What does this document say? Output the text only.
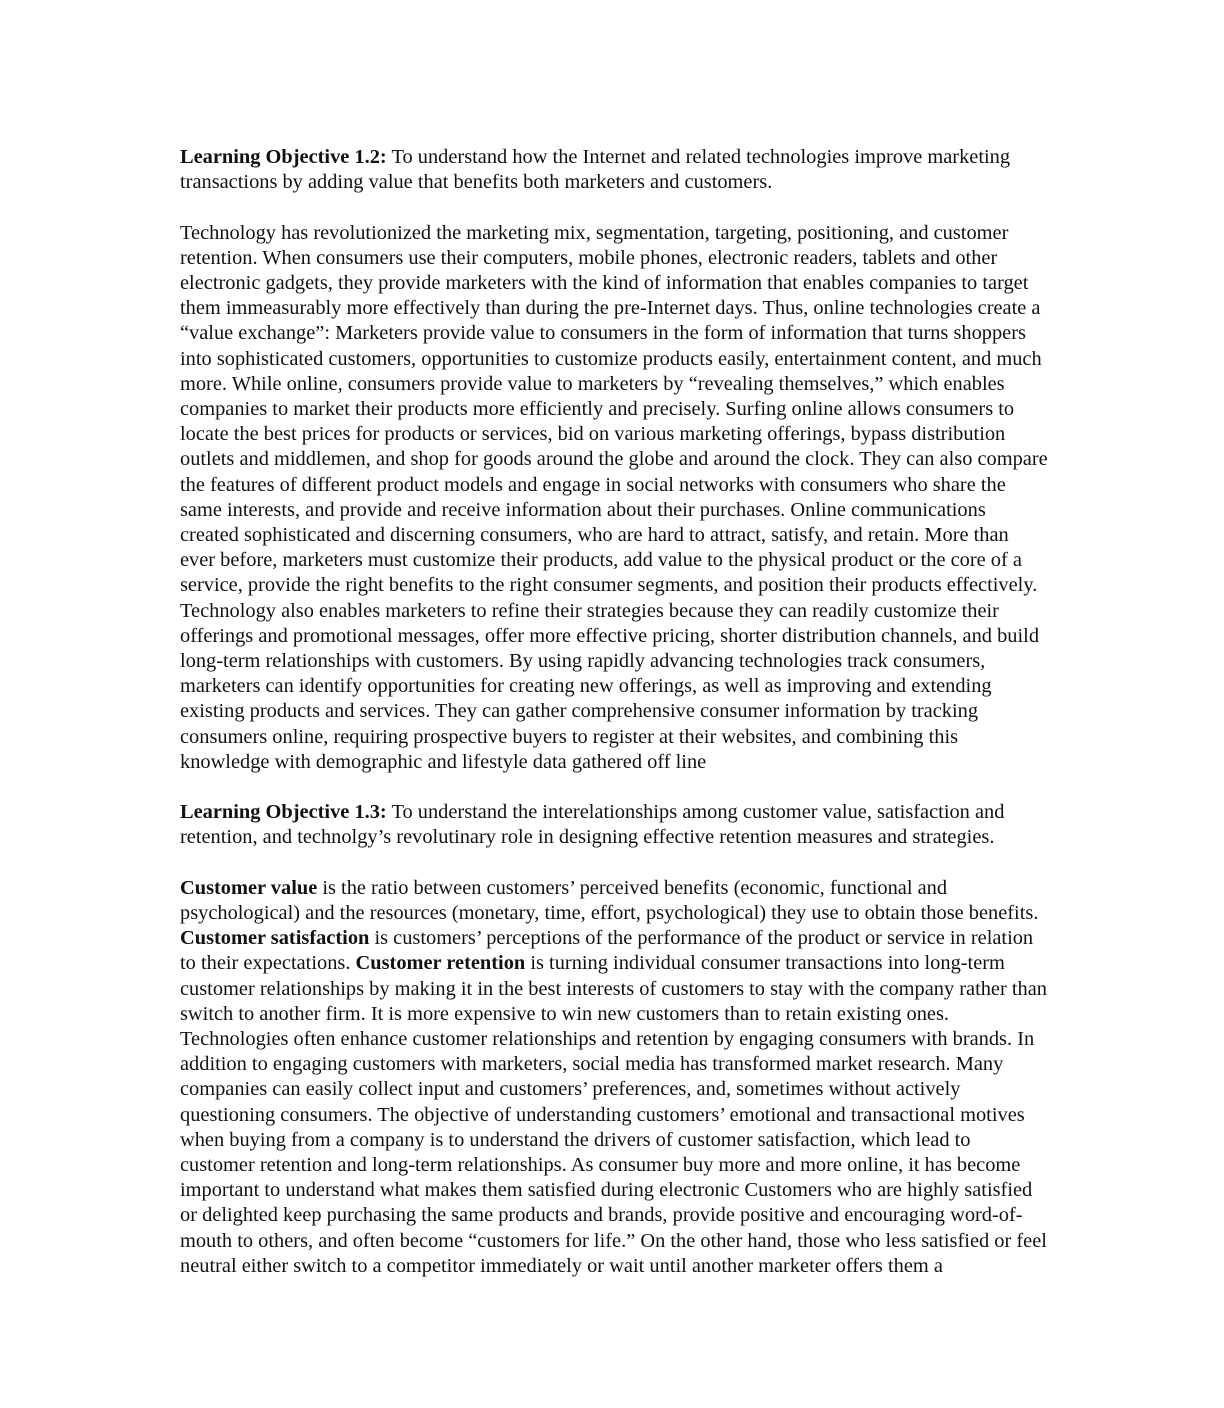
Learning Objective 1.2: To understand how the Internet and related technologies improve marketing transactions by adding value that benefits both marketers and customers.

Technology has revolutionized the marketing mix, segmentation, targeting, positioning, and customer retention. When consumers use their computers, mobile phones, electronic readers, tablets and other electronic gadgets, they provide marketers with the kind of information that enables companies to target them immeasurably more effectively than during the pre-Internet days. Thus, online technologies create a “value exchange”: Marketers provide value to consumers in the form of information that turns shoppers into sophisticated customers, opportunities to customize products easily, entertainment content, and much more. While online, consumers provide value to marketers by “revealing themselves,” which enables companies to market their products more efficiently and precisely. Surfing online allows consumers to locate the best prices for products or services, bid on various marketing offerings, bypass distribution outlets and middlemen, and shop for goods around the globe and around the clock. They can also compare the features of different product models and engage in social networks with consumers who share the same interests, and provide and receive information about their purchases. Online communications created sophisticated and discerning consumers, who are hard to attract, satisfy, and retain. More than ever before, marketers must customize their products, add value to the physical product or the core of a service, provide the right benefits to the right consumer segments, and position their products effectively. Technology also enables marketers to refine their strategies because they can readily customize their offerings and promotional messages, offer more effective pricing, shorter distribution channels, and build long-term relationships with customers. By using rapidly advancing technologies track consumers, marketers can identify opportunities for creating new offerings, as well as improving and extending existing products and services. They can gather comprehensive consumer information by tracking consumers online, requiring prospective buyers to register at their websites, and combining this knowledge with demographic and lifestyle data gathered off line

Learning Objective 1.3: To understand the interelationships among customer value, satisfaction and retention, and technolgy’s revolutinary role in designing effective retention measures and strategies.

Customer value is the ratio between customers’ perceived benefits (economic, functional and psychological) and the resources (monetary, time, effort, psychological) they use to obtain those benefits. Customer satisfaction is customers’ perceptions of the performance of the product or service in relation to their expectations. Customer retention is turning individual consumer transactions into long-term customer relationships by making it in the best interests of customers to stay with the company rather than switch to another firm. It is more expensive to win new customers than to retain existing ones. Technologies often enhance customer relationships and retention by engaging consumers with brands. In addition to engaging customers with marketers, social media has transformed market research. Many companies can easily collect input and customers’ preferences, and, sometimes without actively questioning consumers. The objective of understanding customers’ emotional and transactional motives when buying from a company is to understand the drivers of customer satisfaction, which lead to customer retention and long-term relationships. As consumer buy more and more online, it has become important to understand what makes them satisfied during electronic Customers who are highly satisfied or delighted keep purchasing the same products and brands, provide positive and encouraging word-of-mouth to others, and often become “customers for life.” On the other hand, those who less satisfied or feel neutral either switch to a competitor immediately or wait until another marketer offers them a
